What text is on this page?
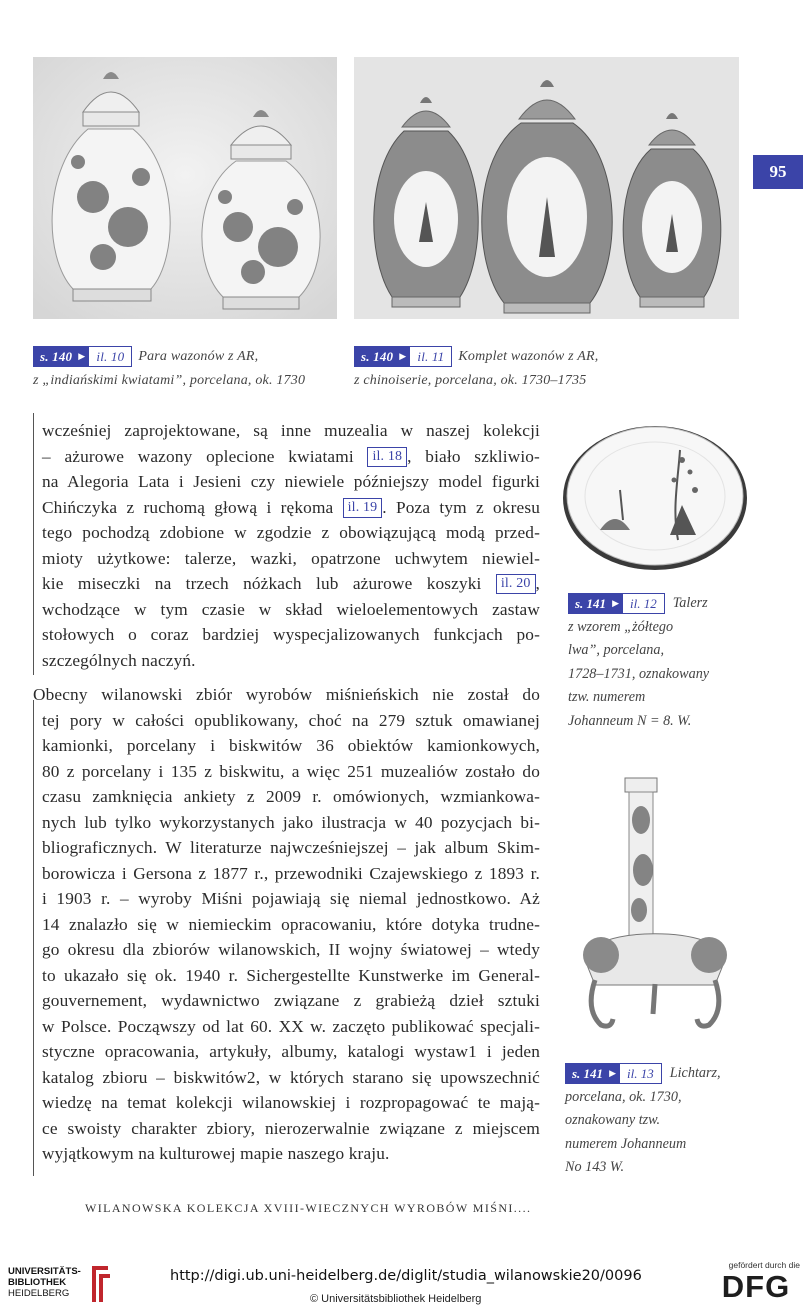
95
s. 140 ▶ il. 10	Para wazonów z AR,
z „indiańskimi kwiatami”, porcelana, ok. 1730
s. 140 ▶ il. 11	Komplet wazonów z AR,
z chinoiserie, porcelana, ok. 1730–1735
wcześniej zaprojektowane, są inne muzealia w naszej kolekcji
– ażurowe wazony oplecione kwiatami il. 18 , biało szkliwio-
na Alegoria Lata i Jesieni czy niewiele późniejszy model figurki
Chińczyka z ruchomą głową i rękoma il. 19 . Poza tym z okresu
tego pochodzą zdobione w zgodzie z obowiązującą modą przed-
mioty użytkowe: talerze, wazki, opatrzone uchwytem niewiel-
kie miseczki na trzech nóżkach lub ażurowe koszyki il. 20 ,
wchodzące w tym czasie w skład wieloelementowych zastaw
stołowych o coraz bardziej wyspecjalizowanych funkcjach po-
szczególnych naczyń.
Obecny wilanowski zbiór wyrobów miśnieńskich nie został do
tej pory w całości opublikowany, choć na 279 sztuk omawianej
kamionki, porcelany i biskwitów 36 obiektów kamionkowych,
80 z porcelany i 135 z biskwitu, a więc 251 muzealiów zostało do
czasu zamknięcia ankiety z 2009 r. omówionych, wzmiankowa-
nych lub tylko wykorzystanych jako ilustracja w 40 pozycjach bi-
bliograficznych. W literaturze najwcześniejszej – jak album Skim-
borowicza i Gersona z 1877 r., przewodniki Czajewskiego z 1893 r.
i 1903 r. – wyroby Miśni pojawiają się niemal jednostkowo. Aż
14 znalazło się w niemieckim opracowaniu, które dotyka trudne-
go okresu dla zbiorów wilanowskich, II wojny światowej – wtedy
to ukazało się ok. 1940 r. Sichergestellte Kunstwerke im General-
gouvernement, wydawnictwo związane z grabieżą dzieł sztuki
w Polsce. Począwszy od lat 60. XX w. zaczęto publikować specjali-
styczne opracowania, artykuły, albumy, katalogi wystaw1 i jeden
katalog zbioru – biskwitów2, w których starano się upowszechnić
wiedzę na temat kolekcji wilanowskiej i rozpropagować te mają-
ce swoisty charakter zbiory, nierozerwalnie związane z miejscem
wyjątkowym na kulturowej mapie naszego kraju.
s. 141 ▶ il. 12	Talerz
z wzorem „żółtego
lwa”, porcelana,
1728–1731, oznakowany
tzw. numerem
Johanneum N = 8. W.
s. 141 ▶ il. 13	Lichtarz,
porcelana, ok. 1730,
oznakowany tzw.
numerem Johanneum
No 143 W.
WILANOWSKA KOLEKCJA XVIII-WIECZNYCH WYROBÓW MIŚNI....
UNIVERSITÄTS-
BIBLIOTHEK
HEIDELBERG
http://digi.ub.uni-heidelberg.de/diglit/studia_wilanowskie20/0096
© Universitätsbibliothek Heidelberg
gefördert durch die
DFG
